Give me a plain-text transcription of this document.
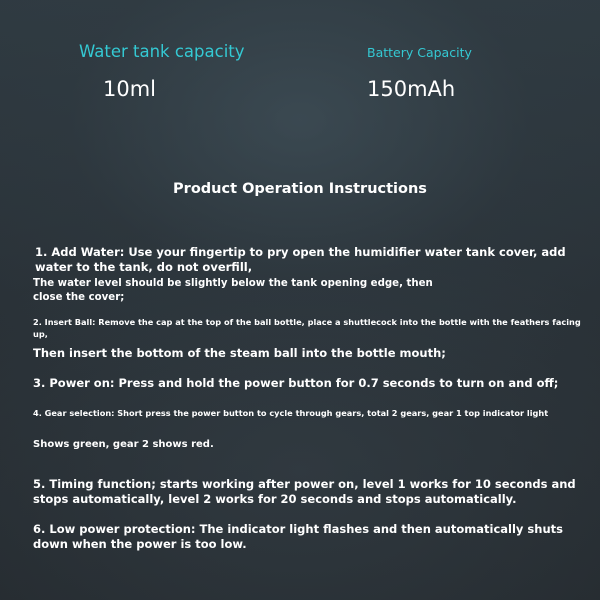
Water tank capacity
10ml
Battery Capacity
150mAh
Product Operation Instructions

1. Add Water: Use your fingertip to pry open the humidifier water tank cover, add water to the tank, do not overfill,

The water level should be slightly below the tank opening edge, then close the cover;

2. Insert Ball: Remove the cap at the top of the ball bottle, place a shuttlecock into the bottle with the feathers facing up,

Then insert the bottom of the steam ball into the bottle mouth;

3. Power on: Press and hold the power button for 0.7 seconds to turn on and off;

4. Gear selection: Short press the power button to cycle through gears, total 2 gears, gear 1 top indicator light

Shows green, gear 2 shows red.

5. Timing function; starts working after power on, level 1 works for 10 seconds and stops automatically, level 2 works for 20 seconds and stops automatically.

6. Low power protection: The indicator light flashes and then automatically shuts down when the power is too low.
